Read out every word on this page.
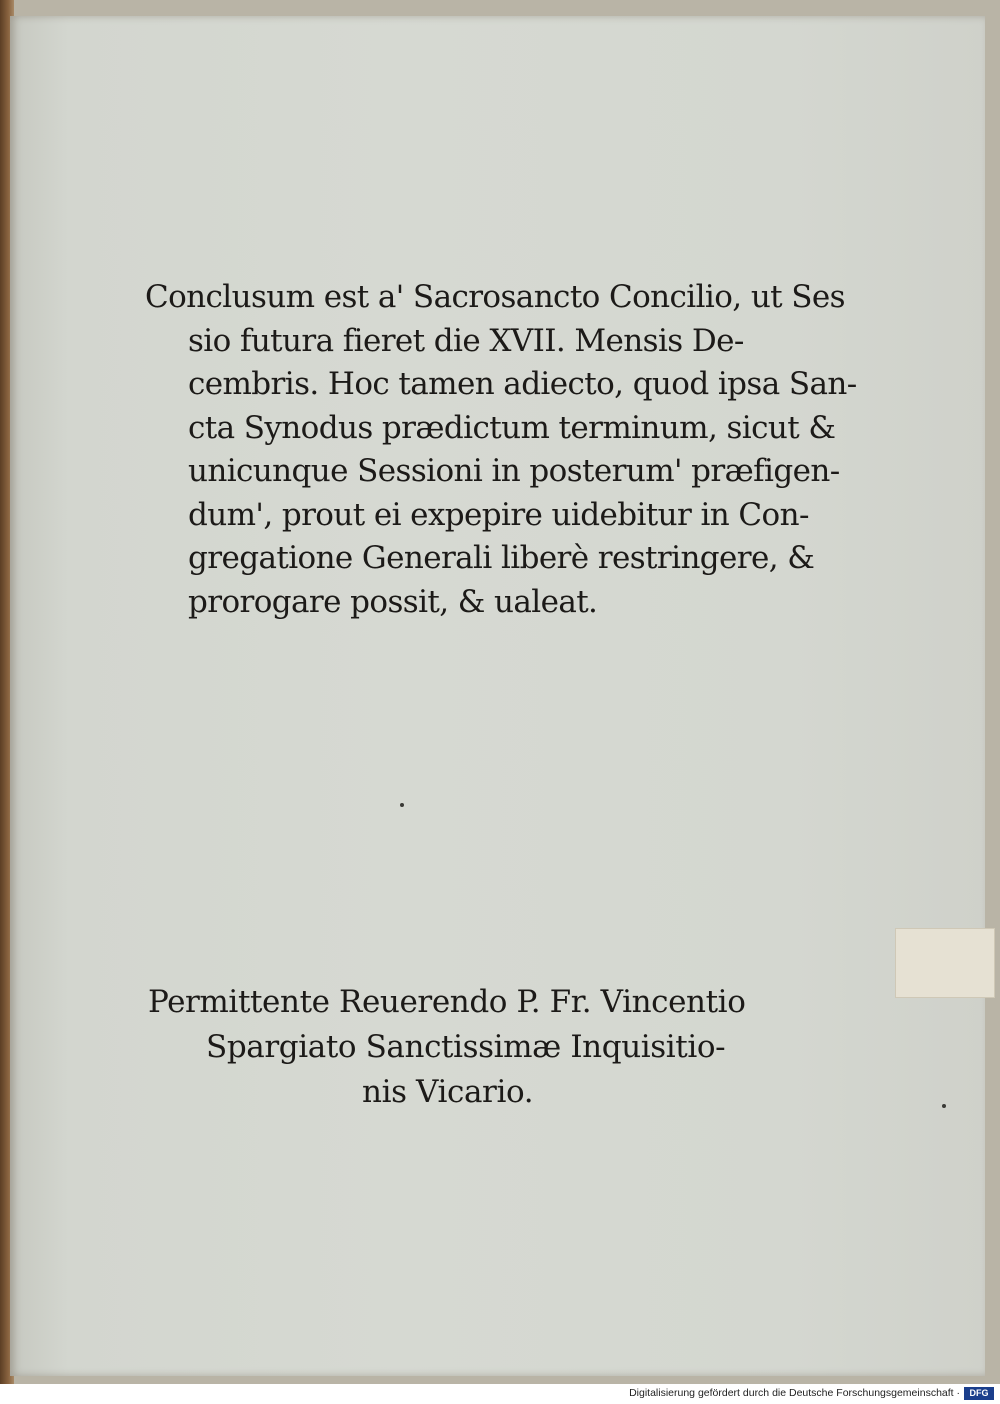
Conclusum est a' Sacrosancto Concilio, ut Ses
sio futura fieret die XVII. Mensis De-
cembris. Hoc tamen adiecto, quod ipsa San-
cta Synodus prædictum terminum, sicut &
unicunque Sessioni in posterum' præfigen-
dum', prout ei expepire uidebitur in Con-
gregatione Generali liberè restringere, &
prorogare possit, & ualeat.
Permittente Reuerendo P. Fr. Vincentio
Spargiato Sanctissimæ Inquisitio-
nis Vicario.
Digitalisierung gefördert durch die Deutsche Forschungsgemeinschaft ·	DFG
